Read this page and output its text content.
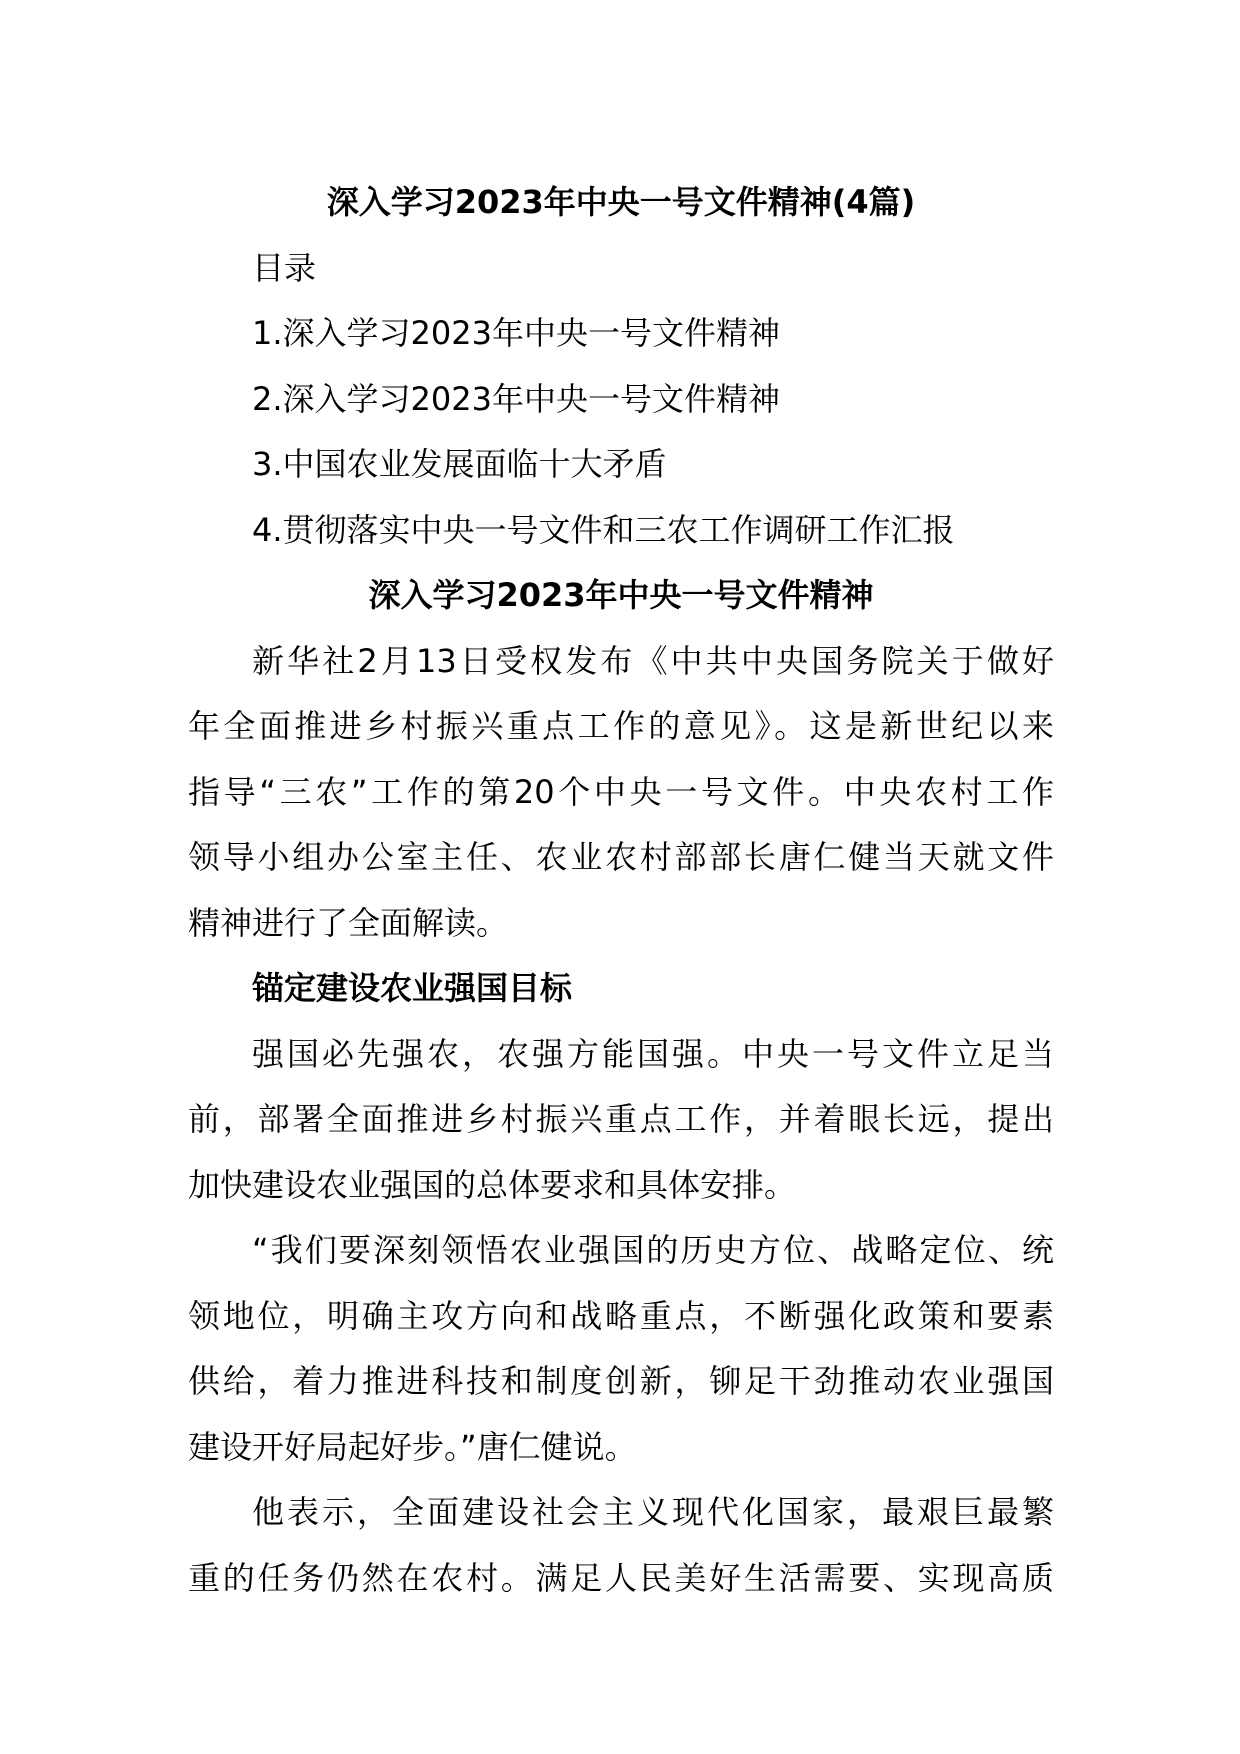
深入学习2023年中央一号文件精神(4篇)
目录
1.深入学习2023年中央一号文件精神
2.深入学习2023年中央一号文件精神
3.中国农业发展面临十大矛盾
4.贯彻落实中央一号文件和三农工作调研工作汇报
深入学习2023年中央一号文件精神
新华社2月13日受权发布《中共中央国务院关于做好
年全面推进乡村振兴重点工作的意见》。这是新世纪以来
指导“三农”工作的第20个中央一号文件。中央农村工作
领导小组办公室主任、农业农村部部长唐仁健当天就文件
精神进行了全面解读。
锚定建设农业强国目标
强国必先强农，农强方能国强。中央一号文件立足当
前，部署全面推进乡村振兴重点工作，并着眼长远，提出
加快建设农业强国的总体要求和具体安排。
“我们要深刻领悟农业强国的历史方位、战略定位、统
领地位，明确主攻方向和战略重点，不断强化政策和要素
供给，着力推进科技和制度创新，铆足干劲推动农业强国
建设开好局起好步。”唐仁健说。
他表示，全面建设社会主义现代化国家，最艰巨最繁
重的任务仍然在农村。满足人民美好生活需要、实现高质
